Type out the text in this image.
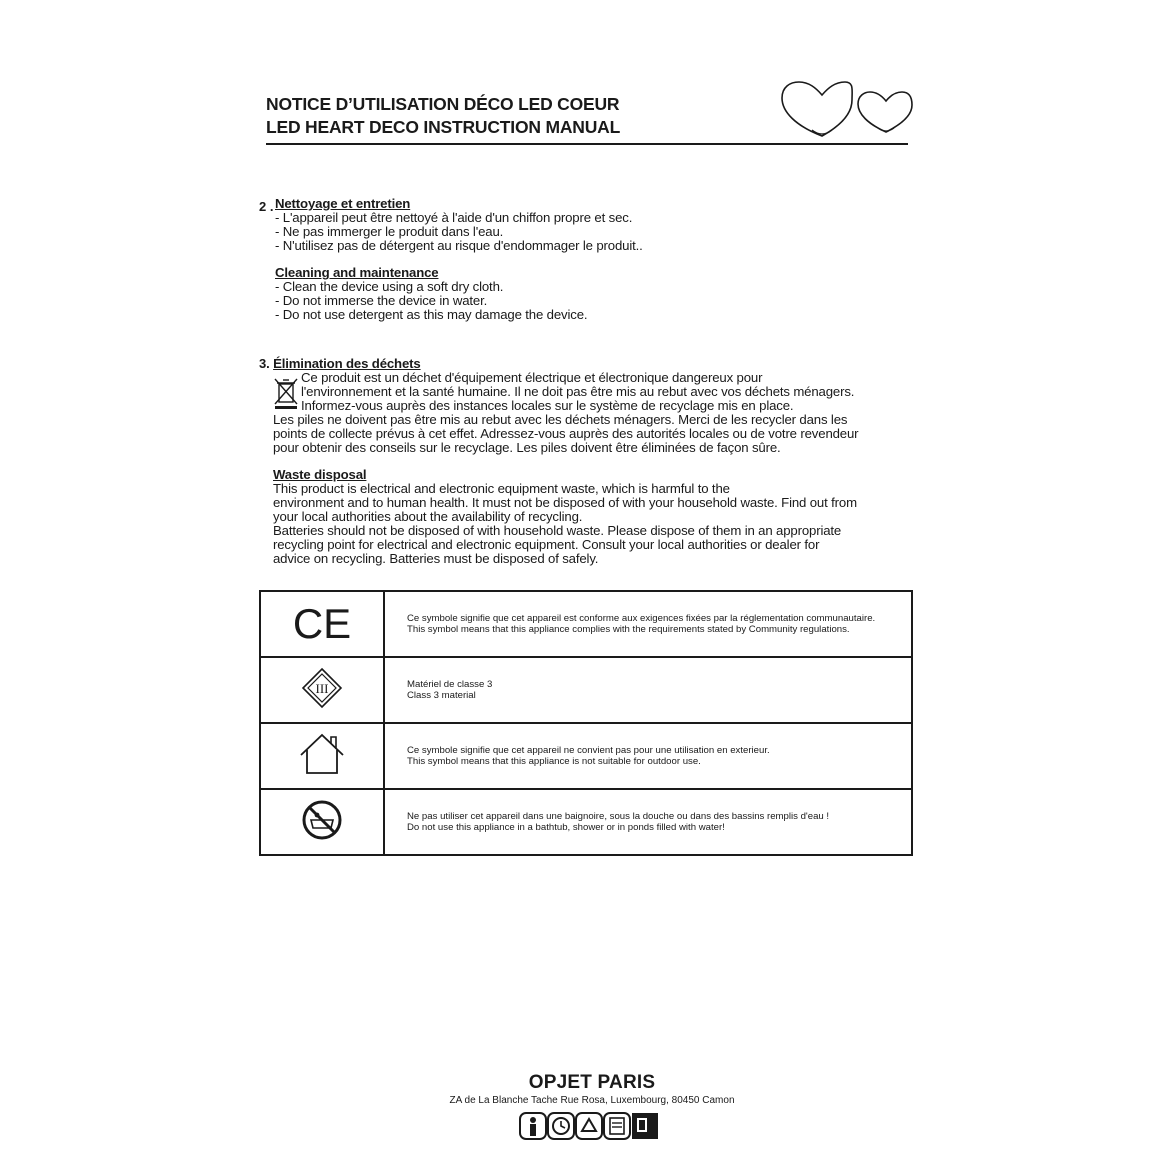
NOTICE D’UTILISATION DÉCO LED COEUR
LED HEART DECO INSTRUCTION MANUAL
2 . Nettoyage et entretien
- L'appareil peut être nettoyé à l'aide d'un chiffon propre et sec.
- Ne pas immerger le produit dans l'eau.
- N'utilisez pas de détergent au risque d'endommager le produit..
Cleaning and maintenance
- Clean the device using a soft dry cloth.
- Do not immerse the device in water.
- Do not use detergent as this may damage the device.
3. Élimination des déchets
Ce produit est un déchet d'équipement électrique et électronique dangereux pour
l'environnement et la santé humaine. Il ne doit pas être mis au rebut avec vos déchets ménagers.
Informez-vous auprès des instances locales sur le système de recyclage mis en place.
Les piles ne doivent pas être mis au rebut avec les déchets ménagers. Merci de les recycler dans les
points de collecte prévus à cet effet. Adressez-vous auprès des autorités locales ou de votre revendeur
pour obtenir des conseils sur le recyclage. Les piles doivent être éliminées de façon sûre.
Waste disposal
This product is electrical and electronic equipment waste, which is harmful to the
environment and to human health. It must not be disposed of with your household waste. Find out from
your local authorities about the availability of recycling.
Batteries should not be disposed of with household waste. Please dispose of them in an appropriate
recycling point for electrical and electronic equipment. Consult your local authorities or dealer for
advice on recycling. Batteries must be disposed of safely.
CE	Ce symbole signifie que cet appareil est conforme aux exigences fixées par la réglementation communautaire.
This symbol means that this appliance complies with the requirements stated by Community regulations.

III	Matériel de classe 3
Class 3 material

Ce symbole signifie que cet appareil ne convient pas pour une utilisation en exterieur.
This symbol means that this appliance is not suitable for outdoor use.

Ne pas utiliser cet appareil dans une baignoire, sous la douche ou dans des bassins remplis d'eau !
Do not use this appliance in a bathtub, shower or in ponds filled with water!
OPJET PARIS
ZA de La Blanche Tache Rue Rosa, Luxembourg, 80450 Camon
